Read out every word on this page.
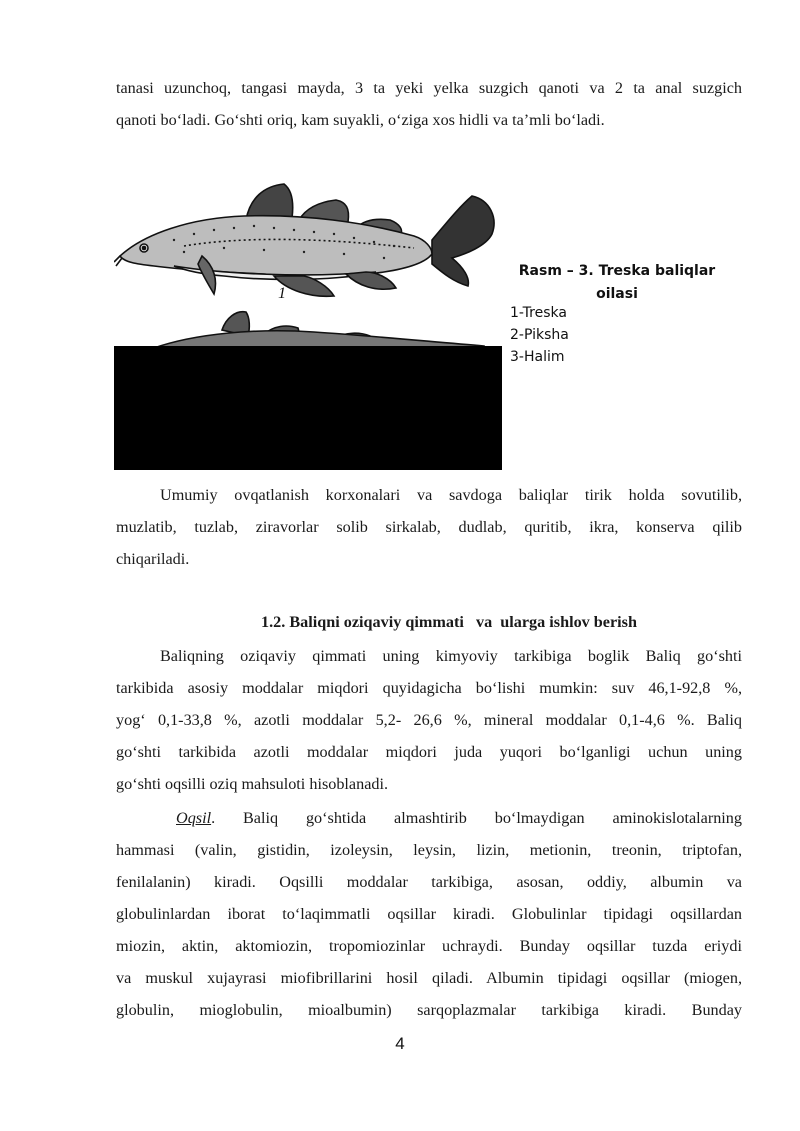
tanasi uzunchoq, tangasi mayda, 3 ta yeki yelka suzgich qanoti va 2 ta anal suzgich
qanoti bo‘ladi. Go‘shti oriq, kam suyakli, o‘ziga xos hidli va ta’mli bo‘ladi.
1
Rasm – 3. Treska baliqlar
oilasi
1-Treska
2-Piksha
3-Halim
Umumiy ovqatlanish korxonalari va savdoga baliqlar tirik holda sovutilib,
muzlatib, tuzlab, ziravorlar solib sirkalab, dudlab, quritib, ikra, konserva qilib
chiqariladi.
1.2. Baliqni oziqaviy qimmati   va  ularga ishlov berish
Baliqning oziqaviy qimmati uning kimyoviy tarkibiga boglik Baliq go‘shti
tarkibida asosiy moddalar miqdori quyidagicha bo‘lishi mumkin: suv 46,1-92,8 %,
yog‘ 0,1-33,8 %, azotli moddalar 5,2- 26,6 %, mineral moddalar 0,1-4,6 %. Baliq
go‘shti tarkibida azotli moddalar miqdori juda yuqori bo‘lganligi uchun uning
go‘shti oqsilli oziq mahsuloti hisoblanadi.
Oqsil. Baliq go‘shtida almashtirib bo‘lmaydigan aminokislotalarning
hammasi (valin, gistidin, izoleysin, leysin, lizin, metionin, treonin, triptofan,
fenilalanin) kiradi. Oqsilli moddalar tarkibiga, asosan, oddiy, albumin va
globulinlardan iborat to‘laqimmatli oqsillar kiradi. Globulinlar tipidagi oqsillardan
miozin, aktin, aktomiozin, tropomiozinlar uchraydi. Bunday oqsillar tuzda eriydi
va muskul xujayrasi miofibrillarini hosil qiladi. Albumin tipidagi oqsillar (miogen,
globulin, mioglobulin, mioalbumin) sarqoplazmalar tarkibiga kiradi. Bunday
4
